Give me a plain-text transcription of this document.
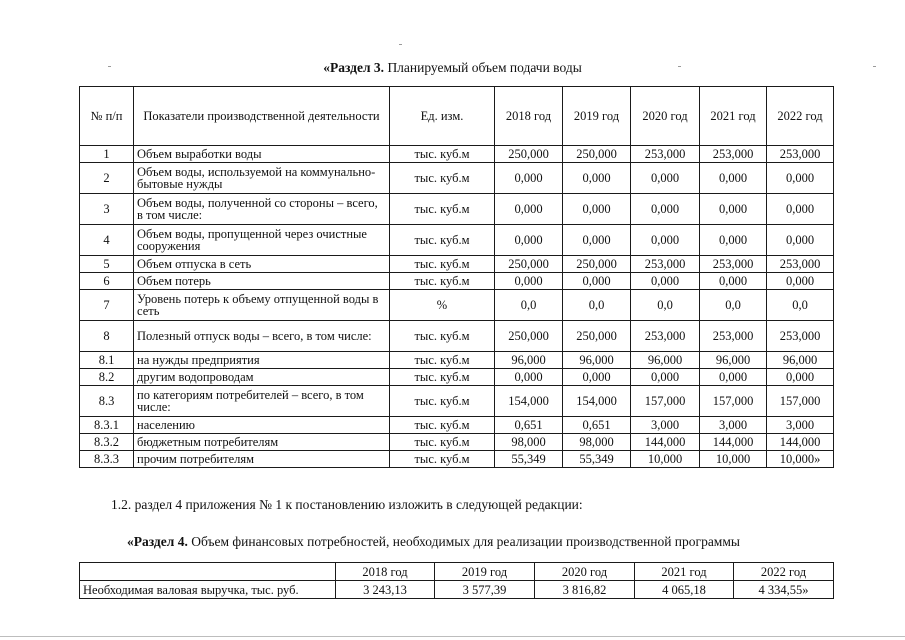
«Раздел 3. Планируемый объем подачи воды
№ п/п	Показатели производственной деятельности	Ед. изм.	2018 год	2019 год	2020 год	2021 год	2022 год
1	Объем выработки воды	тыс. куб.м	250,000	250,000	253,000	253,000	253,000
2	Объем воды, используемой на коммунально-бытовые нужды	тыс. куб.м	0,000	0,000	0,000	0,000	0,000
3	Объем воды, полученной со стороны – всего, в том числе:	тыс. куб.м	0,000	0,000	0,000	0,000	0,000
4	Объем воды, пропущенной через очистные сооружения	тыс. куб.м	0,000	0,000	0,000	0,000	0,000
5	Объем отпуска в сеть	тыс. куб.м	250,000	250,000	253,000	253,000	253,000
6	Объем потерь	тыс. куб.м	0,000	0,000	0,000	0,000	0,000
7	Уровень потерь к объему отпущенной воды в сеть	%	0,0	0,0	0,0	0,0	0,0
8	Полезный отпуск воды – всего, в том числе:	тыс. куб.м	250,000	250,000	253,000	253,000	253,000
8.1	на нужды предприятия	тыс. куб.м	96,000	96,000	96,000	96,000	96,000
8.2	другим водопроводам	тыс. куб.м	0,000	0,000	0,000	0,000	0,000
8.3	по категориям потребителей – всего, в том числе:	тыс. куб.м	154,000	154,000	157,000	157,000	157,000
8.3.1	населению	тыс. куб.м	0,651	0,651	3,000	3,000	3,000
8.3.2	бюджетным потребителям	тыс. куб.м	98,000	98,000	144,000	144,000	144,000
8.3.3	прочим потребителям	тыс. куб.м	55,349	55,349	10,000	10,000	10,000»
1.2. раздел 4 приложения № 1 к постановлению изложить в следующей редакции:
«Раздел 4. Объем финансовых потребностей, необходимых для реализации производственной программы
	2018 год	2019 год	2020 год	2021 год	2022 год
Необходимая валовая выручка, тыс. руб.	3 243,13	3 577,39	3 816,82	4 065,18	4 334,55»
